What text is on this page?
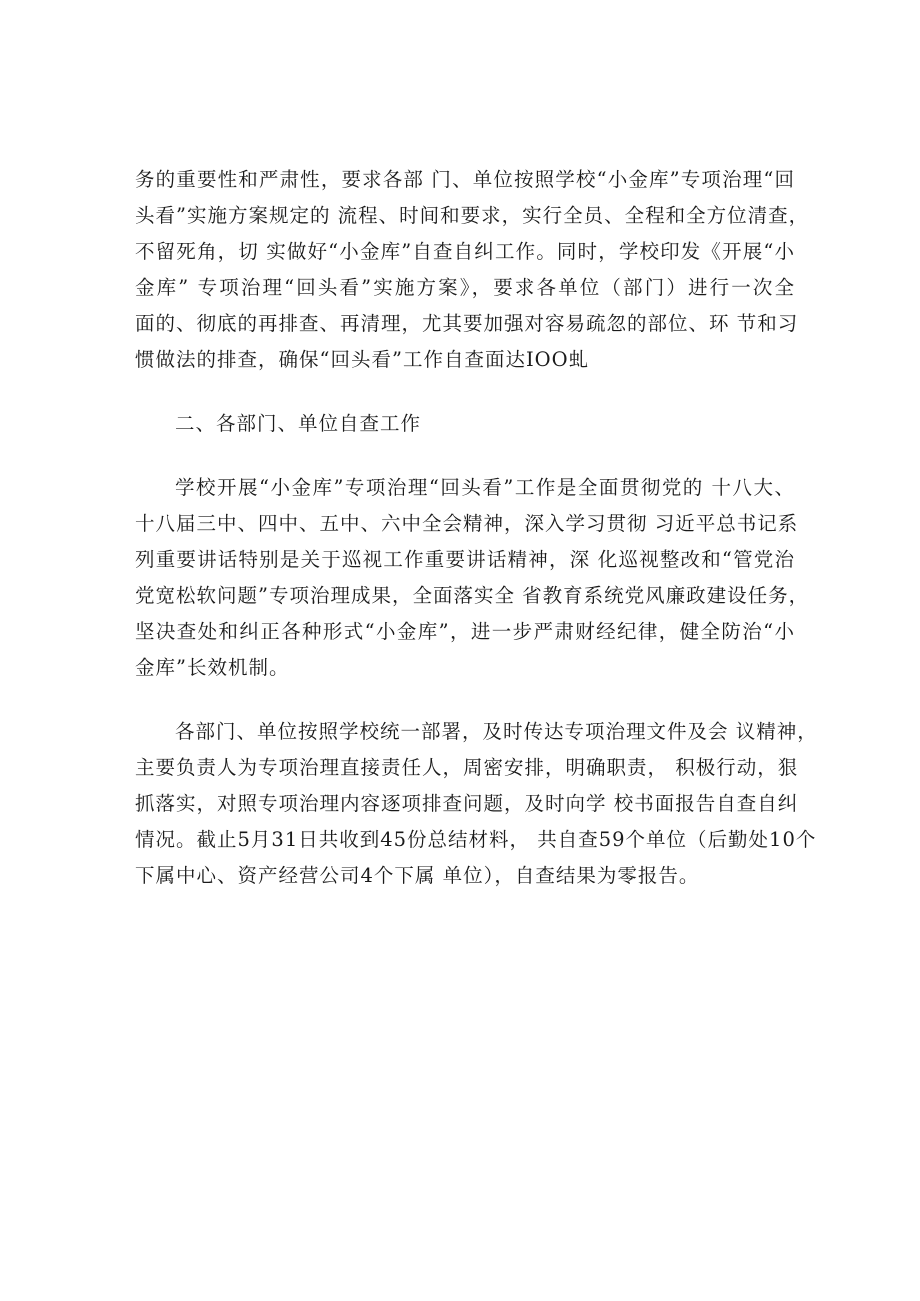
务的重要性和严肃性，要求各部 门、单位按照学校“小金库”专项治理“回
头看”实施方案规定的 流程、时间和要求，实行全员、全程和全方位清查，
不留死角，切 实做好“小金库”自查自纠工作。同时，学校印发《开展“小
金库” 专项治理“回头看”实施方案》，要求各单位（部门）进行一次全
面的、彻底的再排查、再清理，尤其要加强对容易疏忽的部位、环 节和习
惯做法的排查，确保“回头看”工作自查面达IOO虬
二、各部门、单位自查工作
学校开展“小金库”专项治理“回头看”工作是全面贯彻党的 十八大、
十八届三中、四中、五中、六中全会精神，深入学习贯彻 习近平总书记系
列重要讲话特别是关于巡视工作重要讲话精神，深 化巡视整改和“管党治
党宽松软问题”专项治理成果，全面落实全 省教育系统党风廉政建设任务，
坚决查处和纠正各种形式“小金库”，进一步严肃财经纪律，健全防治“小
金库”长效机制。
各部门、单位按照学校统一部署，及时传达专项治理文件及会 议精神，
主要负责人为专项治理直接责任人，周密安排，明确职责， 积极行动，狠
抓落实，对照专项治理内容逐项排查问题，及时向学 校书面报告自查自纠
情况。截止5月31日共收到45份总结材料， 共自查59个单位（后勤处10个
下属中心、资产经营公司4个下属 单位），自查结果为零报告。
